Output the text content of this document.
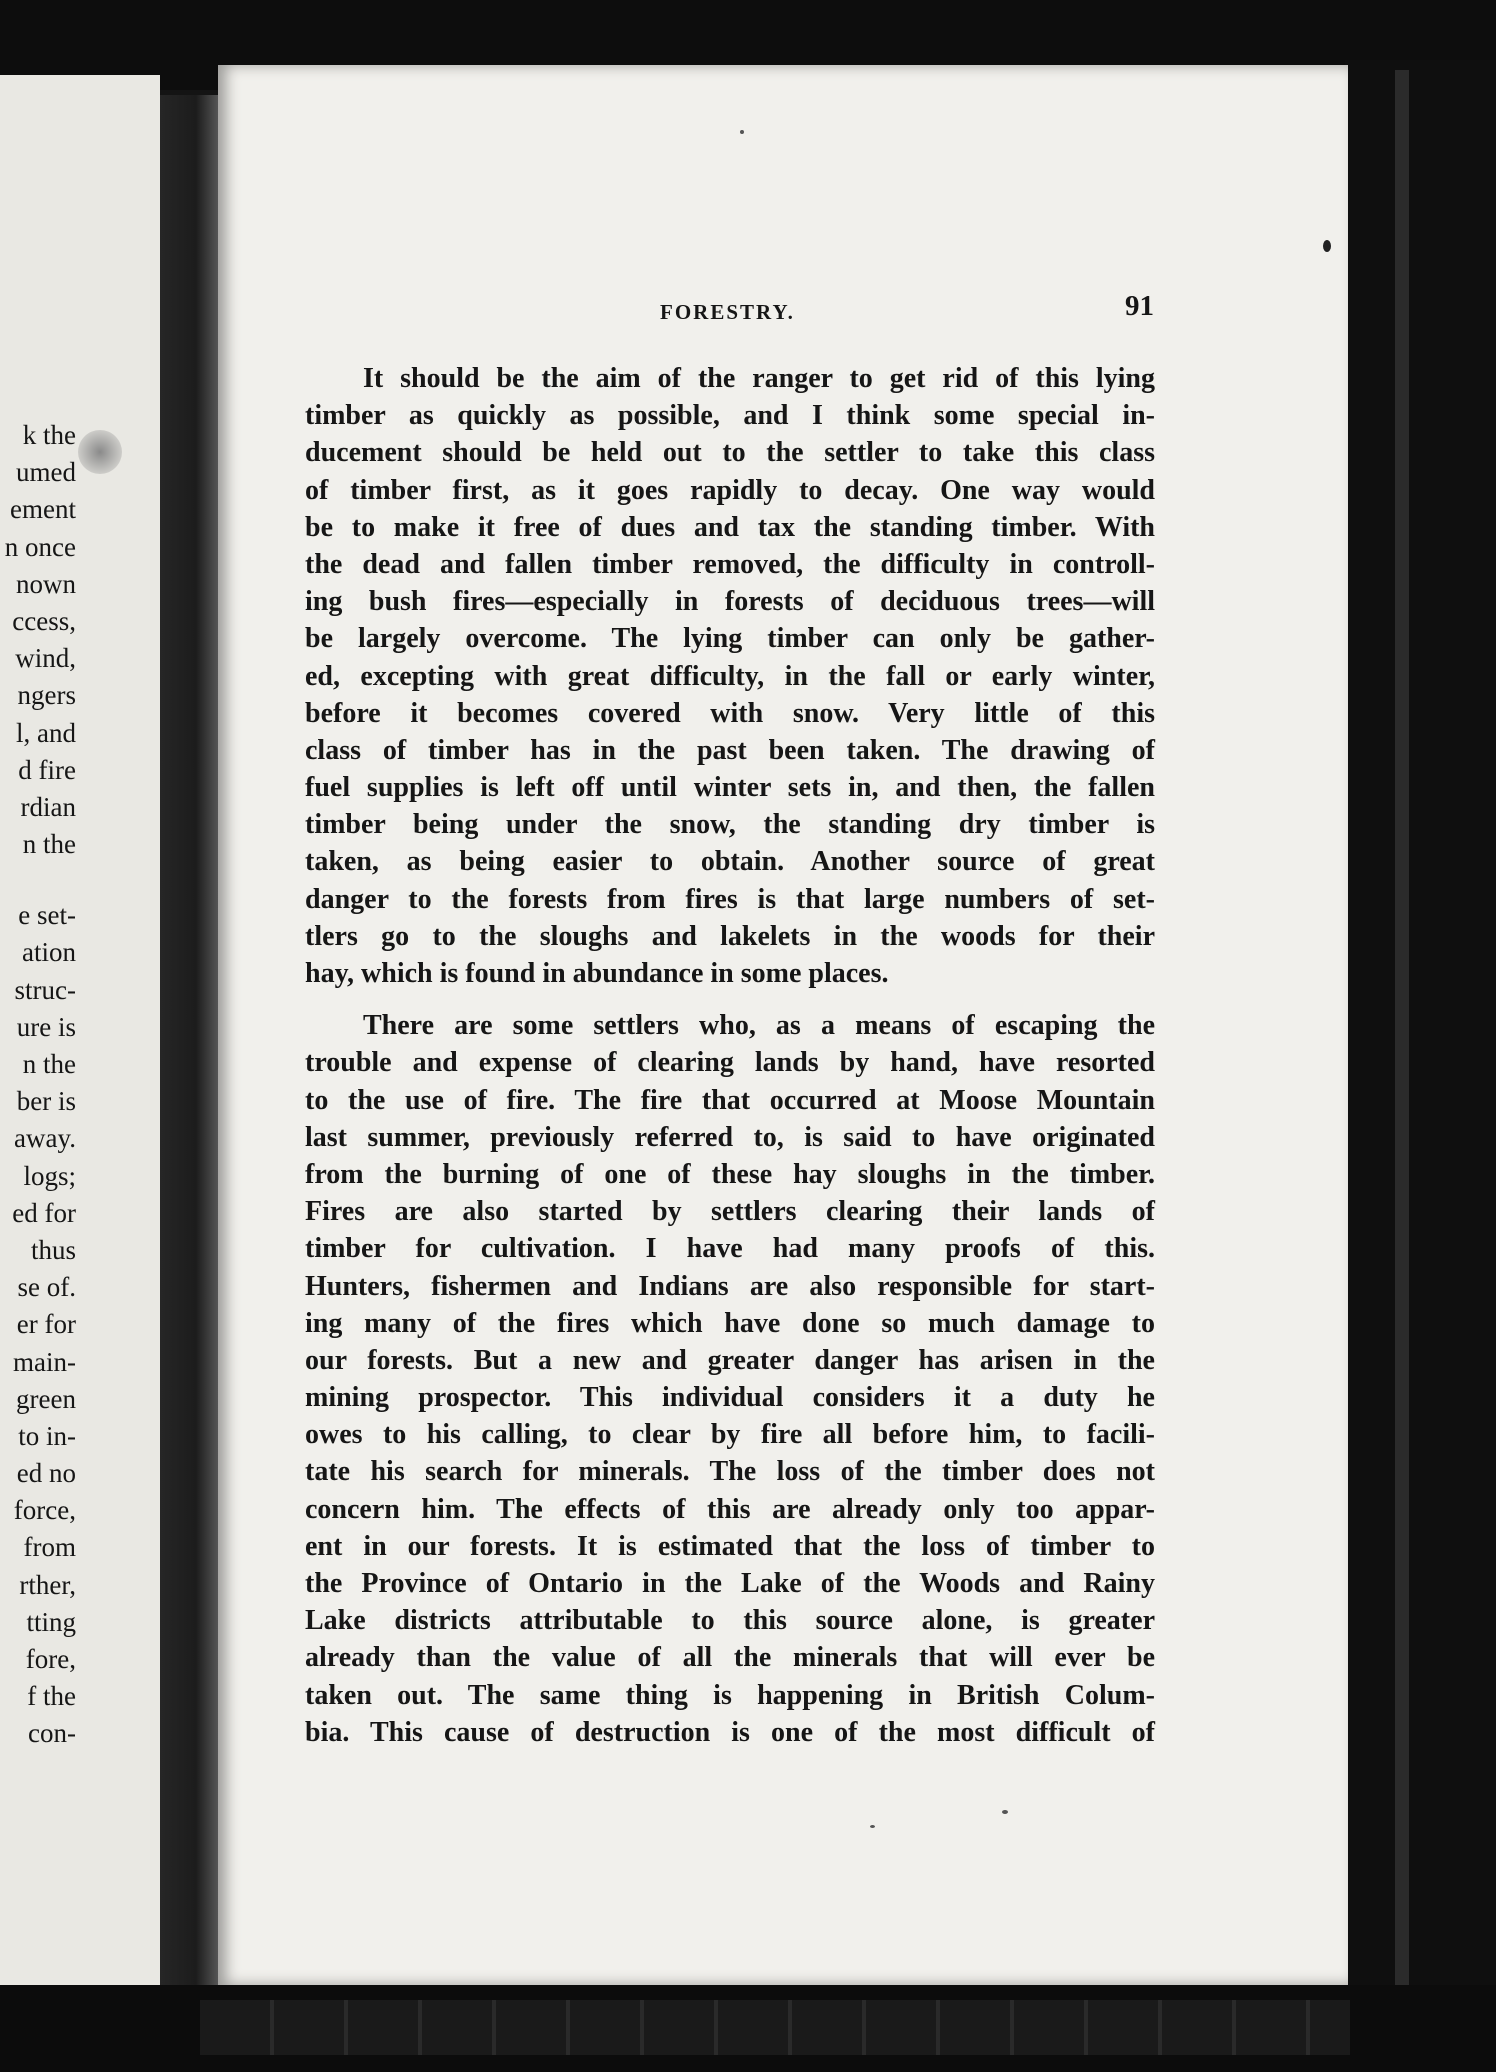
k the
umed
ement
n once
nown
ccess,
wind,
ngers
l, and
d fire
rdian
n the
e set-
ation
struc-
ure is
n the
ber is
away.
logs;
ed for
thus
se of.
er for
main-
green
to in-
ed no
force,
from
rther,
tting
fore,
f the
con-
FORESTRY.	91
It should be the aim of the ranger to get rid of this lying
timber as quickly as possible, and I think some special in-
ducement should be held out to the settler to take this class
of timber first, as it goes rapidly to decay. One way would
be to make it free of dues and tax the standing timber. With
the dead and fallen timber removed, the difficulty in controll-
ing bush fires—especially in forests of deciduous trees—will
be largely overcome. The lying timber can only be gather-
ed, excepting with great difficulty, in the fall or early winter,
before it becomes covered with snow. Very little of this
class of timber has in the past been taken. The drawing of
fuel supplies is left off until winter sets in, and then, the fallen
timber being under the snow, the standing dry timber is
taken, as being easier to obtain. Another source of great
danger to the forests from fires is that large numbers of set-
tlers go to the sloughs and lakelets in the woods for their
hay, which is found in abundance in some places.
There are some settlers who, as a means of escaping the
trouble and expense of clearing lands by hand, have resorted
to the use of fire. The fire that occurred at Moose Mountain
last summer, previously referred to, is said to have originated
from the burning of one of these hay sloughs in the timber.
Fires are also started by settlers clearing their lands of
timber for cultivation. I have had many proofs of this.
Hunters, fishermen and Indians are also responsible for start-
ing many of the fires which have done so much damage to
our forests. But a new and greater danger has arisen in the
mining prospector. This individual considers it a duty he
owes to his calling, to clear by fire all before him, to facili-
tate his search for minerals. The loss of the timber does not
concern him. The effects of this are already only too appar-
ent in our forests. It is estimated that the loss of timber to
the Province of Ontario in the Lake of the Woods and Rainy
Lake districts attributable to this source alone, is greater
already than the value of all the minerals that will ever be
taken out. The same thing is happening in British Colum-
bia. This cause of destruction is one of the most difficult of
